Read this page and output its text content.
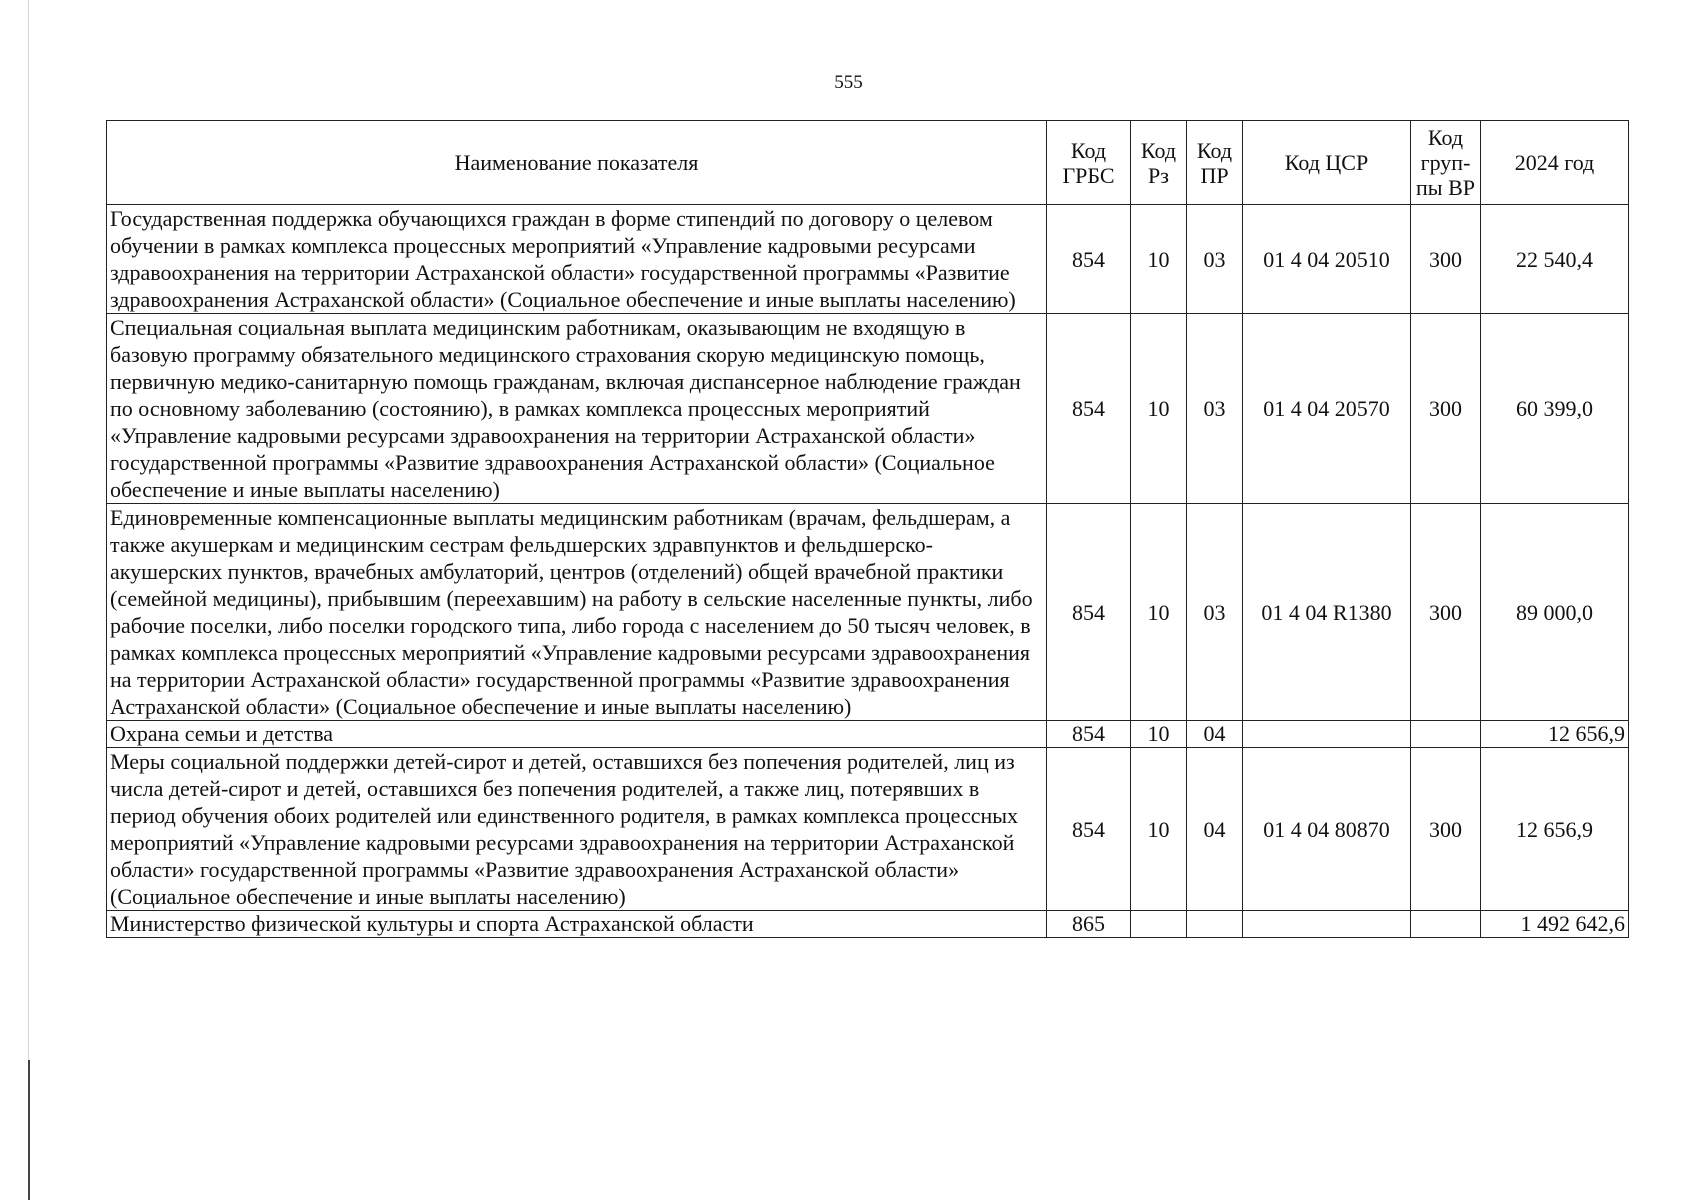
555
Наименование показателя	Код ГРБС	Код Рз	Код ПР	Код ЦСР	Код груп-пы ВР	2024 год
Государственная поддержка обучающихся граждан в форме стипендий по договору о целевом обучении в рамках комплекса процессных мероприятий «Управление кадровыми ресурсами здравоохранения на территории Астраханской области» государственной программы «Развитие здравоохранения Астраханской области» (Социальное обеспечение и иные выплаты населению)	854	10	03	01 4 04 20510	300	22 540,4
Специальная социальная выплата медицинским работникам, оказывающим не входящую в базовую программу обязательного медицинского страхования скорую медицинскую помощь, первичную медико-санитарную помощь гражданам, включая диспансерное наблюдение граждан по основному заболеванию (состоянию), в рамках комплекса процессных мероприятий «Управление кадровыми ресурсами здравоохранения на территории Астраханской области» государственной программы «Развитие здравоохранения Астраханской области» (Социальное обеспечение и иные выплаты населению)	854	10	03	01 4 04 20570	300	60 399,0
Единовременные компенсационные выплаты медицинским работникам (врачам, фельдшерам, а также акушеркам и медицинским сестрам фельдшерских здравпунктов и фельдшерско-акушерских пунктов, врачебных амбулаторий, центров (отделений) общей врачебной практики (семейной медицины), прибывшим (переехавшим) на работу в сельские населенные пункты, либо рабочие поселки, либо поселки городского типа, либо города с населением до 50 тысяч человек, в рамках комплекса процессных мероприятий «Управление кадровыми ресурсами здравоохранения на территории Астраханской области» государственной программы «Развитие здравоохранения Астраханской области» (Социальное обеспечение и иные выплаты населению)	854	10	03	01 4 04 R1380	300	89 000,0
Охрана семьи и детства	854	10	04			12 656,9
Меры социальной поддержки детей-сирот и детей, оставшихся без попечения родителей, лиц из числа детей-сирот и детей, оставшихся без попечения родителей, а также лиц, потерявших в период обучения обоих родителей или единственного родителя, в рамках комплекса процессных мероприятий «Управление кадровыми ресурсами здравоохранения на территории Астраханской области» государственной программы «Развитие здравоохранения Астраханской области» (Социальное обеспечение и иные выплаты населению)	854	10	04	01 4 04 80870	300	12 656,9
Министерство физической культуры и спорта Астраханской области	865					1 492 642,6
